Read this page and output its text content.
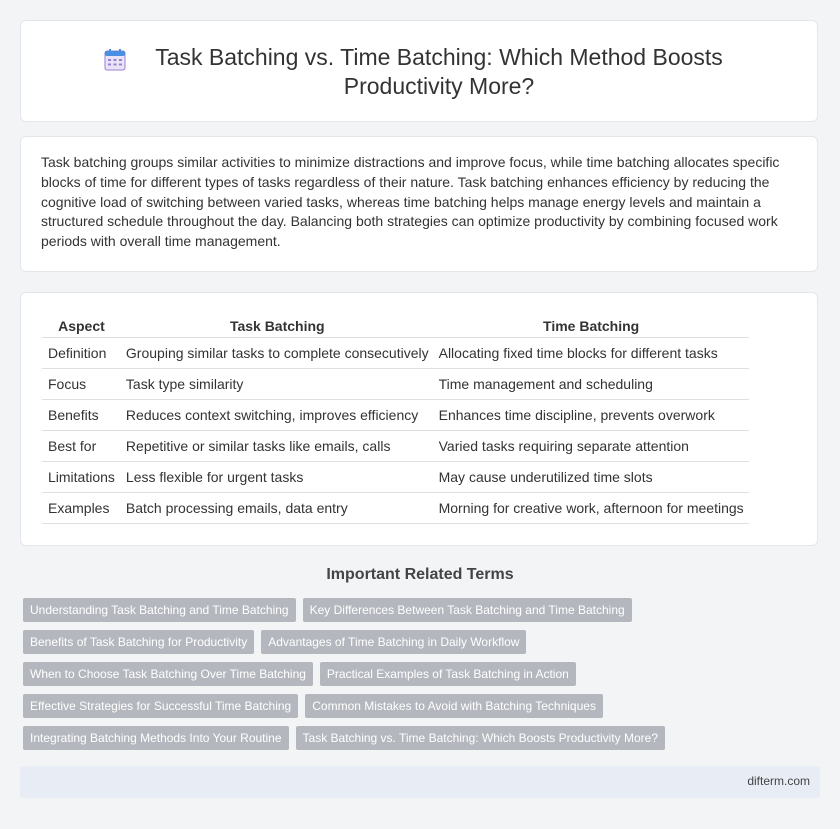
Task Batching vs. Time Batching: Which Method Boosts Productivity More?

Task batching groups similar activities to minimize distractions and improve focus, while time batching allocates specific blocks of time for different types of tasks regardless of their nature. Task batching enhances efficiency by reducing the cognitive load of switching between varied tasks, whereas time batching helps manage energy levels and maintain a structured schedule throughout the day. Balancing both strategies can optimize productivity by combining focused work periods with overall time management.

Aspect	Task Batching	Time Batching
Definition	Grouping similar tasks to complete consecutively	Allocating fixed time blocks for different tasks
Focus	Task type similarity	Time management and scheduling
Benefits	Reduces context switching, improves efficiency	Enhances time discipline, prevents overwork
Best for	Repetitive or similar tasks like emails, calls	Varied tasks requiring separate attention
Limitations	Less flexible for urgent tasks	May cause underutilized time slots
Examples	Batch processing emails, data entry	Morning for creative work, afternoon for meetings
Important Related Terms
Understanding Task Batching and Time Batching Key Differences Between Task Batching and Time Batching
Benefits of Task Batching for Productivity Advantages of Time Batching in Daily Workflow
When to Choose Task Batching Over Time Batching Practical Examples of Task Batching in Action
Effective Strategies for Successful Time Batching Common Mistakes to Avoid with Batching Techniques
Integrating Batching Methods Into Your Routine Task Batching vs. Time Batching: Which Boosts Productivity More?
difterm.com
